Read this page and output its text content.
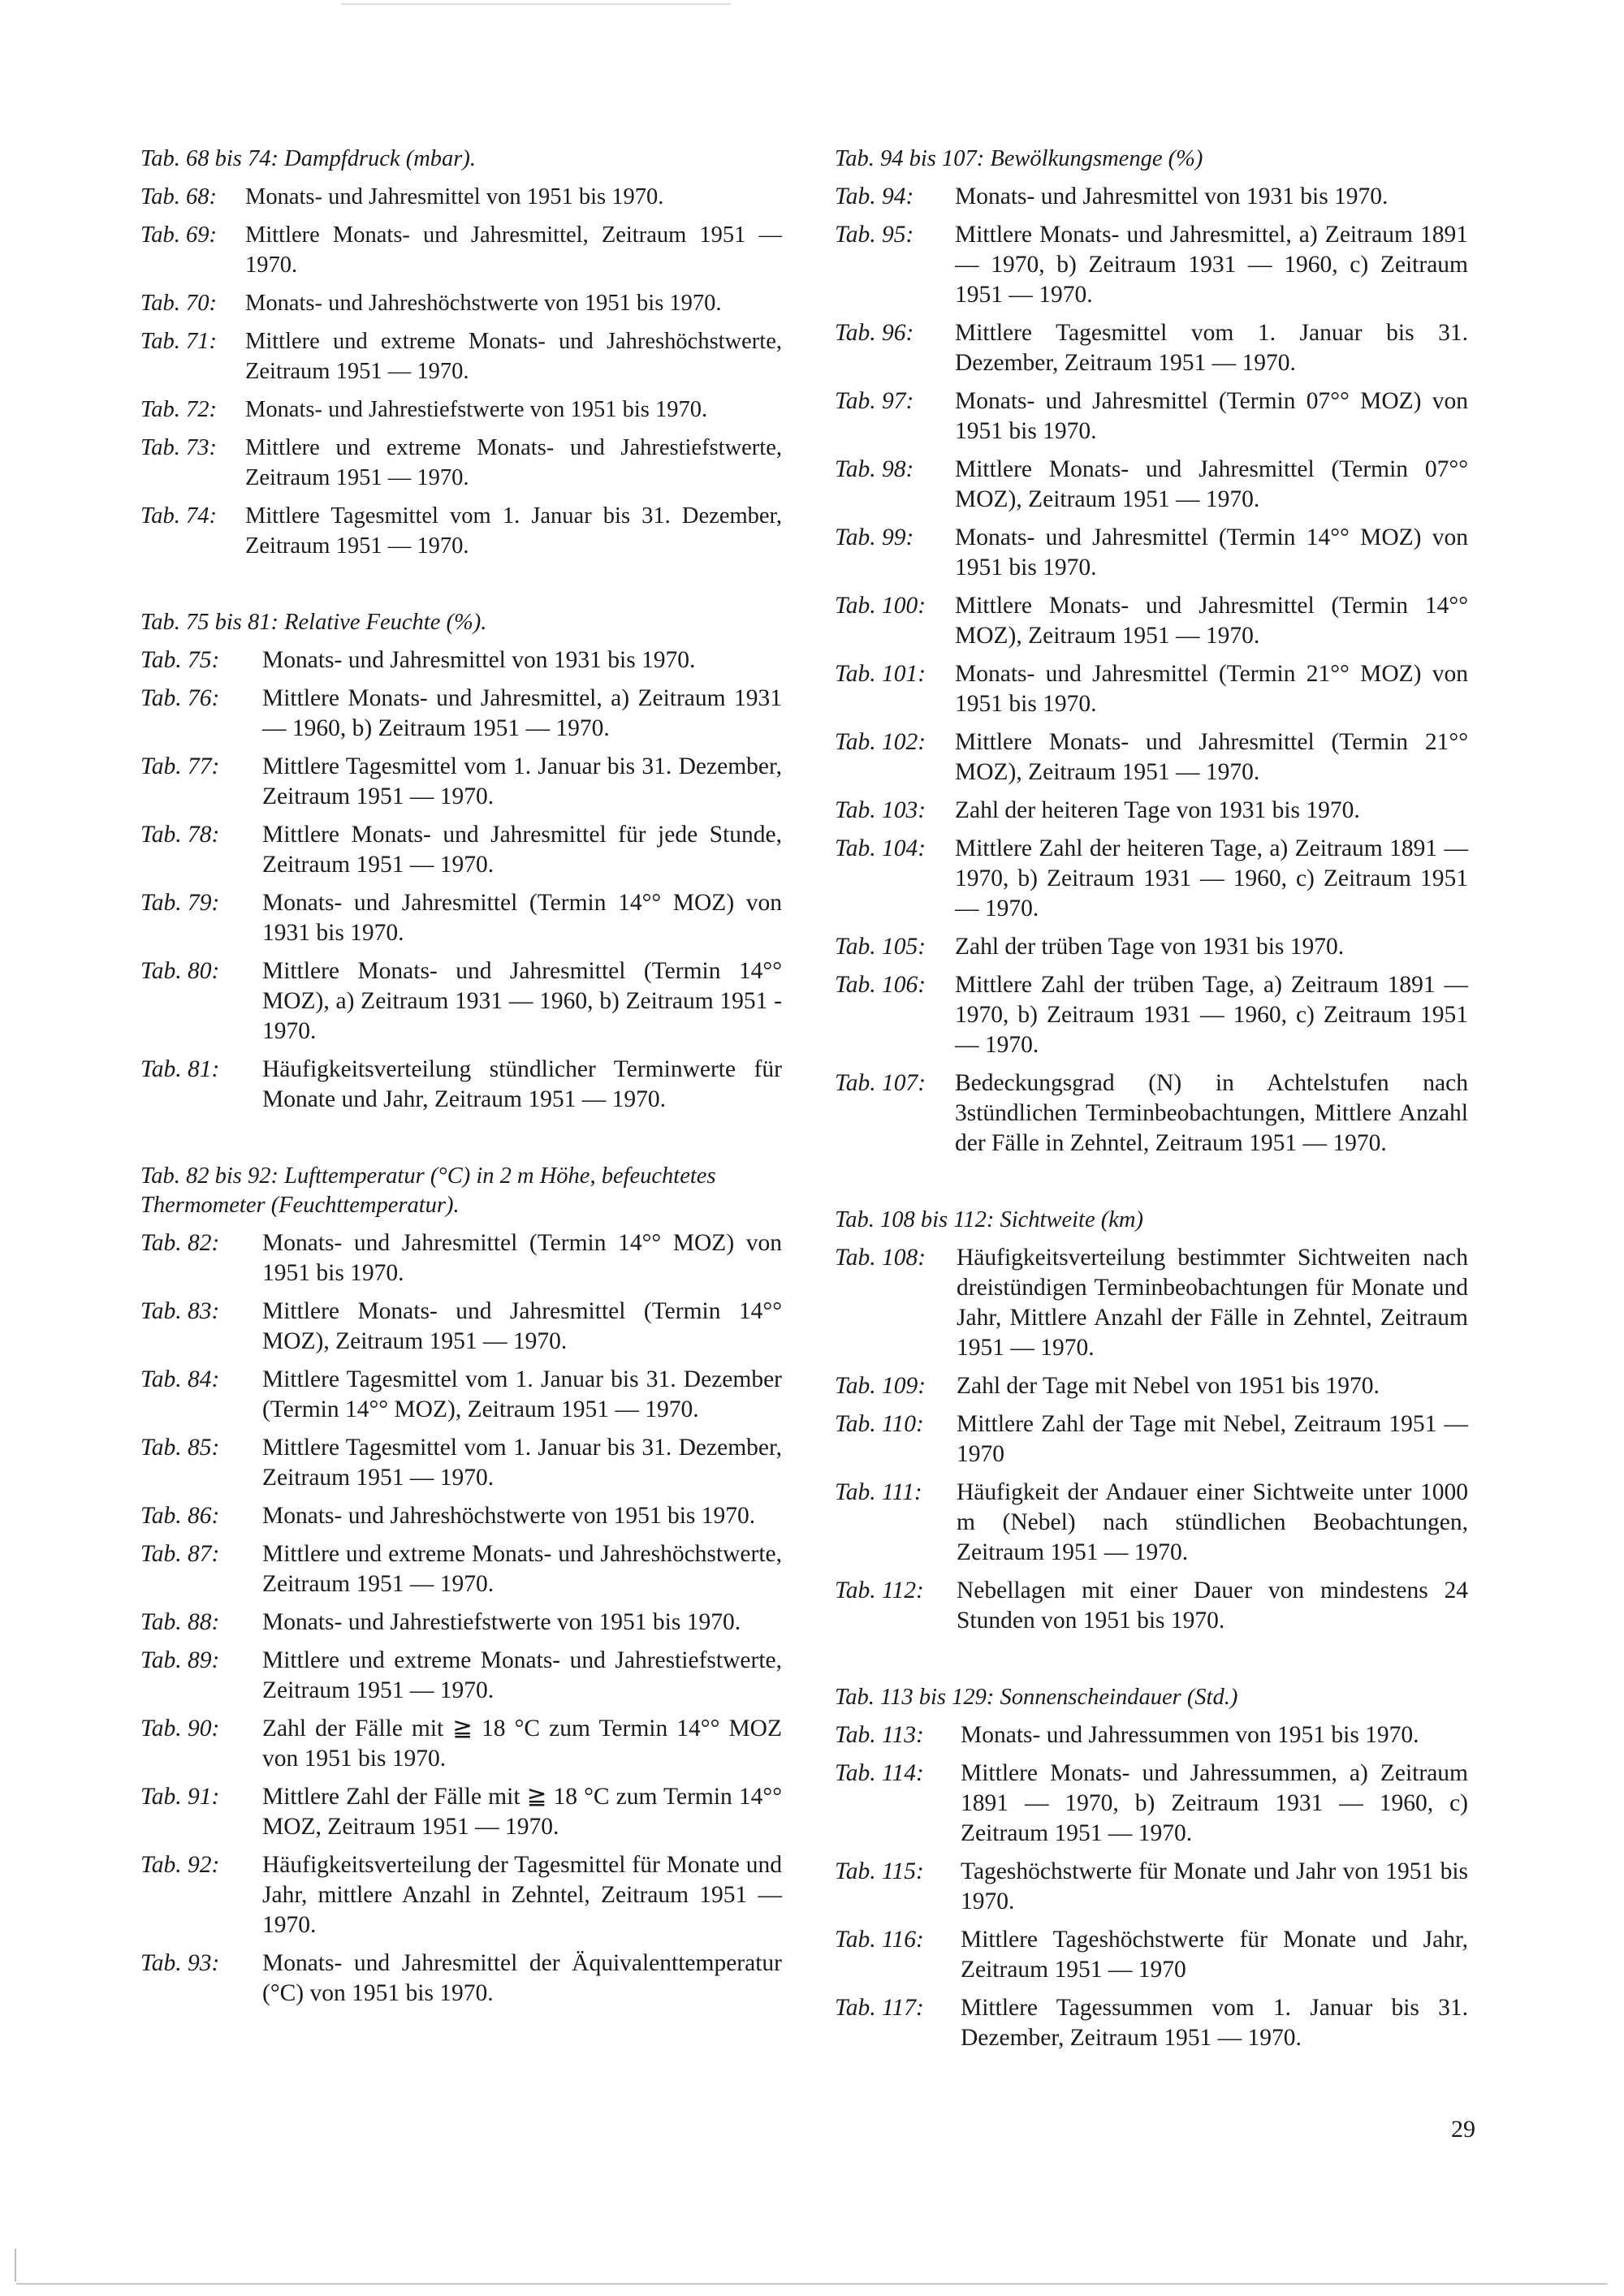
Tab. 68 bis 74: Dampfdruck (mbar).

Tab. 68:	Monats- und Jahresmittel von 1951 bis 1970.
Tab. 69:	Mittlere Monats- und Jahresmittel, Zeitraum 1951 — 1970.
Tab. 70:	Monats- und Jahreshöchstwerte von 1951 bis 1970.
Tab. 71:	Mittlere und extreme Monats- und Jahreshöchstwerte, Zeitraum 1951 — 1970.
Tab. 72:	Monats- und Jahrestiefstwerte von 1951 bis 1970.
Tab. 73:	Mittlere und extreme Monats- und Jahrestiefstwerte, Zeitraum 1951 — 1970.
Tab. 74:	Mittlere Tagesmittel vom 1. Januar bis 31. Dezember, Zeitraum 1951 — 1970.

Tab. 75 bis 81: Relative Feuchte (%).

Tab. 75:	Monats- und Jahresmittel von 1931 bis 1970.
Tab. 76:	Mittlere Monats- und Jahresmittel, a) Zeitraum 1931 — 1960, b) Zeitraum 1951 — 1970.
Tab. 77:	Mittlere Tagesmittel vom 1. Januar bis 31. Dezember, Zeitraum 1951 — 1970.
Tab. 78:	Mittlere Monats- und Jahresmittel für jede Stunde, Zeitraum 1951 — 1970.
Tab. 79:	Monats- und Jahresmittel (Termin 14°° MOZ) von 1931 bis 1970.
Tab. 80:	Mittlere Monats- und Jahresmittel (Termin 14°° MOZ), a) Zeitraum 1931 — 1960, b) Zeitraum 1951 - 1970.
Tab. 81:	Häufigkeitsverteilung stündlicher Terminwerte für Monate und Jahr, Zeitraum 1951 — 1970.

Tab. 82 bis 92: Lufttemperatur (°C) in 2 m Höhe, befeuchtetes Thermometer (Feuchttemperatur).

Tab. 82:	Monats- und Jahresmittel (Termin 14°° MOZ) von 1951 bis 1970.
Tab. 83:	Mittlere Monats- und Jahresmittel (Termin 14°° MOZ), Zeitraum 1951 — 1970.
Tab. 84:	Mittlere Tagesmittel vom 1. Januar bis 31. Dezember (Termin 14°° MOZ), Zeitraum 1951 — 1970.
Tab. 85:	Mittlere Tagesmittel vom 1. Januar bis 31. Dezember, Zeitraum 1951 — 1970.
Tab. 86:	Monats- und Jahreshöchstwerte von 1951 bis 1970.
Tab. 87:	Mittlere und extreme Monats- und Jahreshöchstwerte, Zeitraum 1951 — 1970.
Tab. 88:	Monats- und Jahrestiefstwerte von 1951 bis 1970.
Tab. 89:	Mittlere und extreme Monats- und Jahrestiefstwerte, Zeitraum 1951 — 1970.
Tab. 90:	Zahl der Fälle mit ≧ 18 °C zum Termin 14°° MOZ von 1951 bis 1970.
Tab. 91:	Mittlere Zahl der Fälle mit ≧ 18 °C zum Termin 14°° MOZ, Zeitraum 1951 — 1970.
Tab. 92:	Häufigkeitsverteilung der Tagesmittel für Monate und Jahr, mittlere Anzahl in Zehntel, Zeitraum 1951 — 1970.
Tab. 93:	Monats- und Jahresmittel der Äquivalenttemperatur (°C) von 1951 bis 1970.

Tab. 94 bis 107: Bewölkungsmenge (%)

Tab. 94:	Monats- und Jahresmittel von 1931 bis 1970.
Tab. 95:	Mittlere Monats- und Jahresmittel, a) Zeitraum 1891 — 1970, b) Zeitraum 1931 — 1960, c) Zeitraum 1951 — 1970.
Tab. 96:	Mittlere Tagesmittel vom 1. Januar bis 31. Dezember, Zeitraum 1951 — 1970.
Tab. 97:	Monats- und Jahresmittel (Termin 07°° MOZ) von 1951 bis 1970.
Tab. 98:	Mittlere Monats- und Jahresmittel (Termin 07°° MOZ), Zeitraum 1951 — 1970.
Tab. 99:	Monats- und Jahresmittel (Termin 14°° MOZ) von 1951 bis 1970.
Tab. 100:	Mittlere Monats- und Jahresmittel (Termin 14°° MOZ), Zeitraum 1951 — 1970.
Tab. 101:	Monats- und Jahresmittel (Termin 21°° MOZ) von 1951 bis 1970.
Tab. 102:	Mittlere Monats- und Jahresmittel (Termin 21°° MOZ), Zeitraum 1951 — 1970.
Tab. 103:	Zahl der heiteren Tage von 1931 bis 1970.
Tab. 104:	Mittlere Zahl der heiteren Tage, a) Zeitraum 1891 — 1970, b) Zeitraum 1931 — 1960, c) Zeitraum 1951 — 1970.
Tab. 105:	Zahl der trüben Tage von 1931 bis 1970.
Tab. 106:	Mittlere Zahl der trüben Tage, a) Zeitraum 1891 — 1970, b) Zeitraum 1931 — 1960, c) Zeitraum 1951 — 1970.
Tab. 107:	Bedeckungsgrad (N) in Achtelstufen nach 3stündlichen Terminbeobachtungen, Mittlere Anzahl der Fälle in Zehntel, Zeitraum 1951 — 1970.

Tab. 108 bis 112: Sichtweite (km)

Tab. 108:	Häufigkeitsverteilung bestimmter Sichtweiten nach dreistündigen Terminbeobachtungen für Monate und Jahr, Mittlere Anzahl der Fälle in Zehntel, Zeitraum 1951 — 1970.
Tab. 109:	Zahl der Tage mit Nebel von 1951 bis 1970.
Tab. 110:	Mittlere Zahl der Tage mit Nebel, Zeitraum 1951 — 1970
Tab. 111:	Häufigkeit der Andauer einer Sichtweite unter 1000 m (Nebel) nach stündlichen Beobachtungen, Zeitraum 1951 — 1970.
Tab. 112:	Nebellagen mit einer Dauer von mindestens 24 Stunden von 1951 bis 1970.

Tab. 113 bis 129: Sonnenscheindauer (Std.)

Tab. 113:	Monats- und Jahressummen von 1951 bis 1970.
Tab. 114:	Mittlere Monats- und Jahressummen, a) Zeitraum 1891 — 1970, b) Zeitraum 1931 — 1960, c) Zeitraum 1951 — 1970.
Tab. 115:	Tageshöchstwerte für Monate und Jahr von 1951 bis 1970.
Tab. 116:	Mittlere Tageshöchstwerte für Monate und Jahr, Zeitraum 1951 — 1970
Tab. 117:	Mittlere Tagessummen vom 1. Januar bis 31. Dezember, Zeitraum 1951 — 1970.
29
